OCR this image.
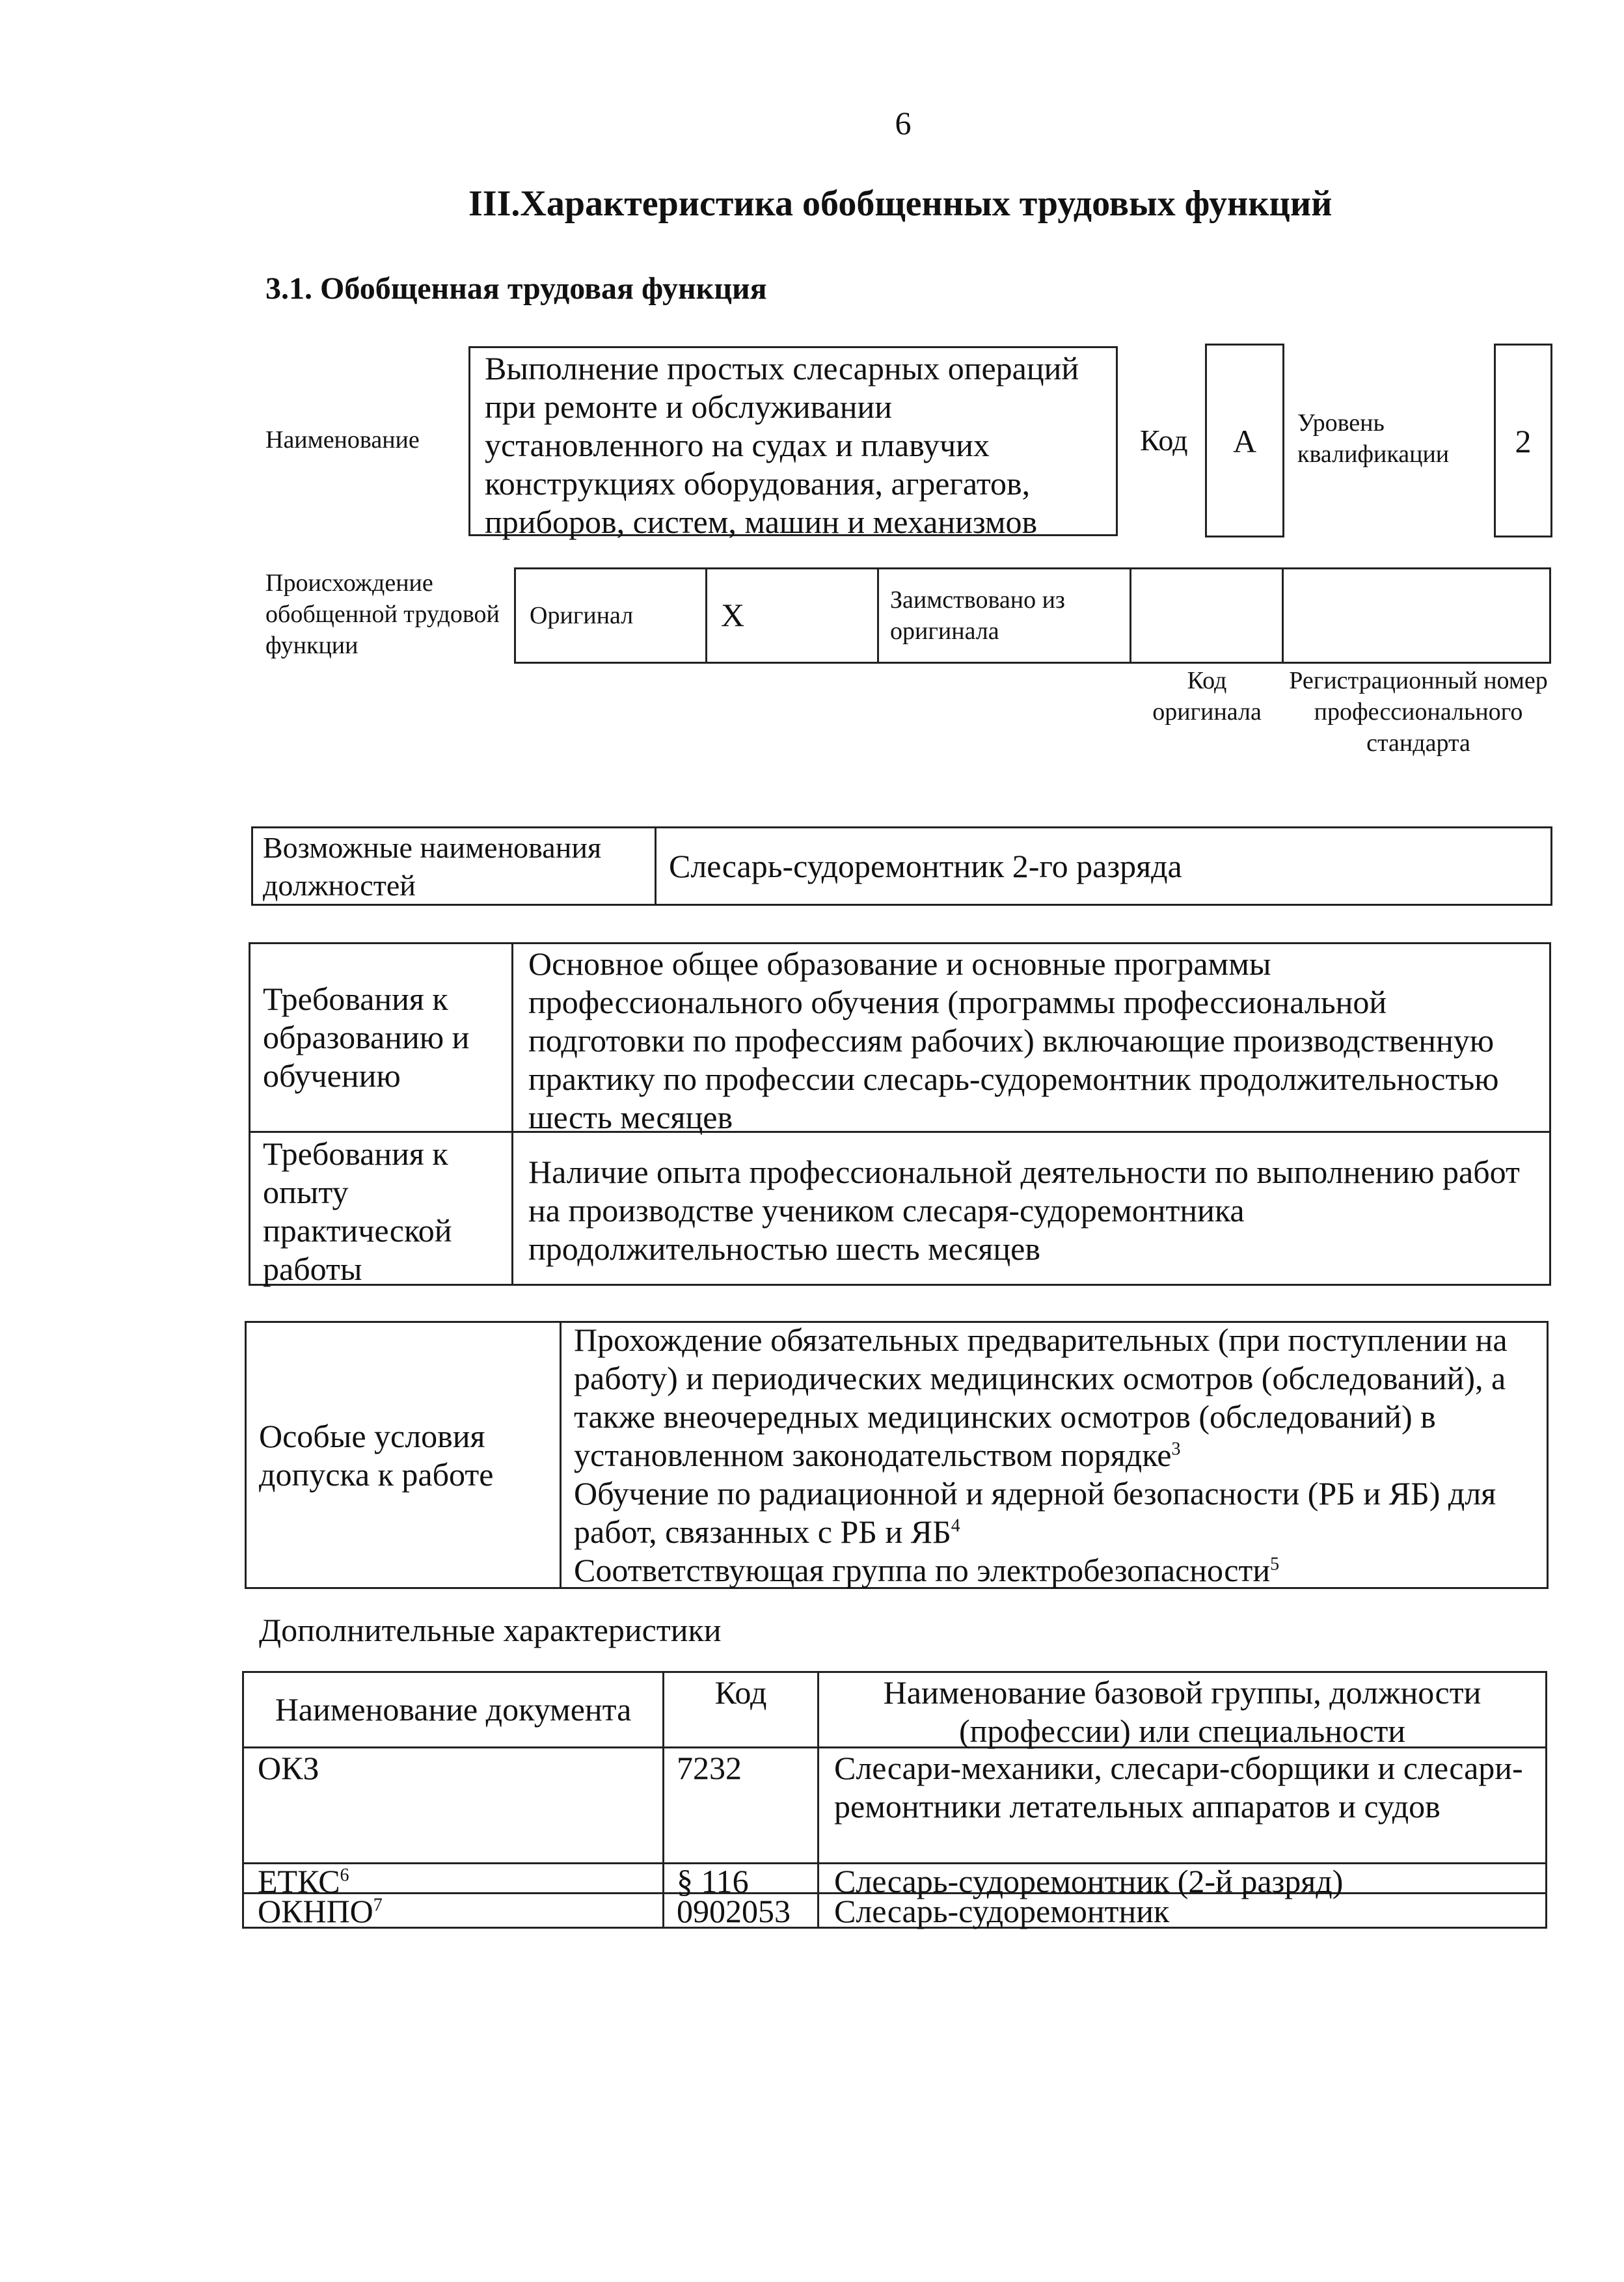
6
III.Характеристика обобщенных трудовых функций
3.1. Обобщенная трудовая функция
Наименование
Выполнение простых слесарных операций при ремонте и обслуживании установленного на судах и плавучих конструкциях оборудования, агрегатов, приборов, систем, машин и механизмов
Код	А	Уровень квалификации	2
Происхождение обобщенной трудовой функции
Оригинал	X	Заимствовано из оригинала
Код оригинала
Регистрационный номер профессионального стандарта
Возможные наименования должностей
Слесарь-судоремонтник 2-го разряда
Требования к образованию и обучению
Основное общее образование и основные программы профессионального обучения (программы профессиональной подготовки по профессиям рабочих) включающие производственную практику по профессии слесарь-судоремонтник продолжительностью шесть месяцев
Требования к опыту практической работы
Наличие опыта профессиональной деятельности по выполнению работ на производстве учеником слесаря-судоремонтника продолжительностью шесть месяцев
Особые условия допуска к работе
Прохождение обязательных предварительных (при поступлении на работу) и периодических медицинских осмотров (обследований), а также внеочередных медицинских осмотров (обследований) в установленном законодательством порядке$^3$
Обучение по радиационной и ядерной безопасности (РБ и ЯБ) для работ, связанных с РБ и $ЯБ^4$
Соответствующая группа по электробезопасности$^5$
Дополнительные характеристики
Наименование документа	Код	Наименование базовой группы, должности (профессии) или специальности
ОКЗ	7232	Слесари-механики, слесари-сборщики и слесари-ремонтники летательных аппаратов и судов
ЕТКС$^6$	§ 116	Слесарь-судоремонтник (2-й разряд)
ОКНПО$^7$	0902053 Слесарь-судоремонтник
